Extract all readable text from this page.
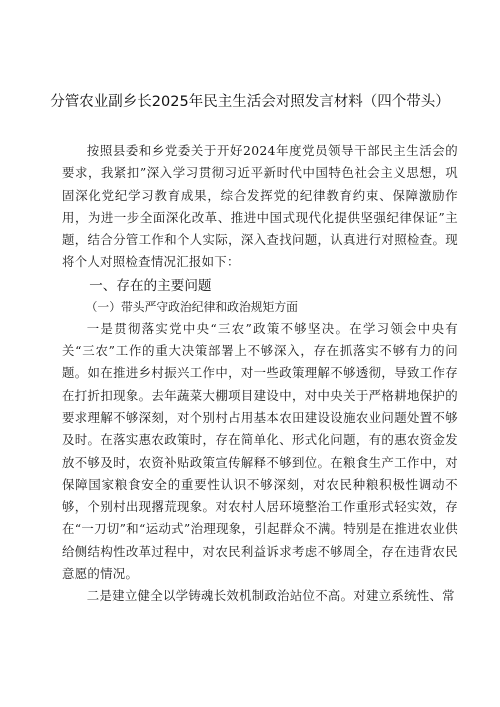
分管农业副乡长2025年民主生活会对照发言材料（四个带头）

按照县委和乡党委关于开好2024年度党员领导干部民主生活会的要求，我紧扣”深入学习贯彻习近平新时代中国特色社会主义思想，巩固深化党纪学习教育成果，综合发挥党的纪律教育约束、保障激励作用，为进一步全面深化改革、推进中国式现代化提供坚强纪律保证”主题，结合分管工作和个人实际，深入查找问题，认真进行对照检查。现将个人对照检查情况汇报如下：

一、存在的主要问题
（一）带头严守政治纪律和政治规矩方面

一是贯彻落实党中央“三农”政策不够坚决。在学习领会中央有关“三农”工作的重大决策部署上不够深入，存在抓落实不够有力的问题。如在推进乡村振兴工作中，对一些政策理解不够透彻，导致工作存在打折扣现象。去年蔬菜大棚项目建设中，对中央关于严格耕地保护的要求理解不够深刻，对个别村占用基本农田建设设施农业问题处置不够及时。在落实惠农政策时，存在简单化、形式化问题，有的惠农资金发放不够及时，农资补贴政策宣传解释不够到位。在粮食生产工作中，对保障国家粮食安全的重要性认识不够深刻，对农民种粮积极性调动不够，个别村出现撂荒现象。对农村人居环境整治工作重形式轻实效，存在“一刀切”和“运动式”治理现象，引起群众不满。特别是在推进农业供给侧结构性改革过程中，对农民利益诉求考虑不够周全，存在违背农民意愿的情况。

二是建立健全以学铸魂长效机制政治站位不高。对建立系统性、常
